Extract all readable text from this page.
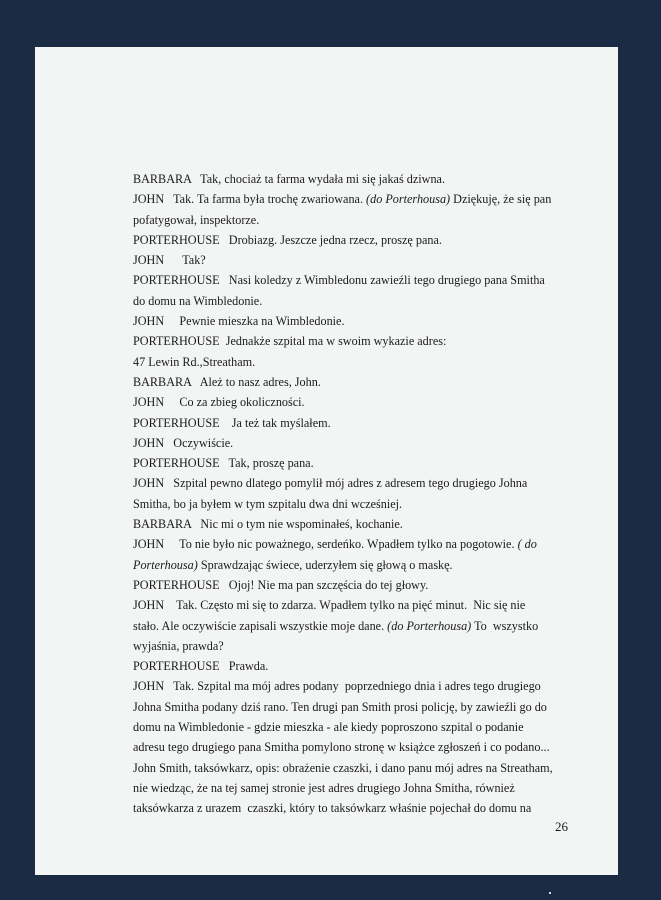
BARBARA   Tak, chociaż ta farma wydała mi się jakaś dziwna.
JOHN   Tak. Ta farma była trochę zwariowana. (do Porterhousa) Dziękuję, że się pan
pofatygował, inspektorze.
PORTERHOUSE   Drobiazg. Jeszcze jedna rzecz, proszę pana.
JOHN      Tak?
PORTERHOUSE   Nasi koledzy z Wimbledonu zawieźli tego drugiego pana Smitha
do domu na Wimbledonie.
JOHN     Pewnie mieszka na Wimbledonie.
PORTERHOUSE  Jednakże szpital ma w swoim wykazie adres:
47 Lewin Rd.,Streatham.
BARBARA   Ależ to nasz adres, John.
JOHN     Co za zbieg okoliczności.
PORTERHOUSE    Ja też tak myślałem.
JOHN   Oczywiście.
PORTERHOUSE   Tak, proszę pana.
JOHN   Szpital pewno dlatego pomylił mój adres z adresem tego drugiego Johna
Smitha, bo ja byłem w tym szpitalu dwa dni wcześniej.
BARBARA   Nic mi o tym nie wspominałeś, kochanie.
JOHN     To nie było nic poważnego, serdeńko. Wpadłem tylko na pogotowie. ( do
Porterhousa) Sprawdzając świece, uderzyłem się głową o maskę.
PORTERHOUSE   Ojoj! Nie ma pan szczęścia do tej głowy.
JOHN    Tak. Często mi się to zdarza. Wpadłem tylko na pięć minut.  Nic się nie
stało. Ale oczywiście zapisali wszystkie moje dane. (do Porterhousa) To  wszystko
wyjaśnia, prawda?
PORTERHOUSE   Prawda.
JOHN   Tak. Szpital ma mój adres podany  poprzedniego dnia i adres tego drugiego
Johna Smitha podany dziś rano. Ten drugi pan Smith prosi policję, by zawieźli go do
domu na Wimbledonie - gdzie mieszka - ale kiedy poproszono szpital o podanie
adresu tego drugiego pana Smitha pomylono stronę w książce zgłoszeń i co podano...
John Smith, taksówkarz, opis: obrażenie czaszki, i dano panu mój adres na Streatham,
nie wiedząc, że na tej samej stronie jest adres drugiego Johna Smitha, również
taksówkarza z urazem  czaszki, który to taksówkarz właśnie pojechał do domu na
26
